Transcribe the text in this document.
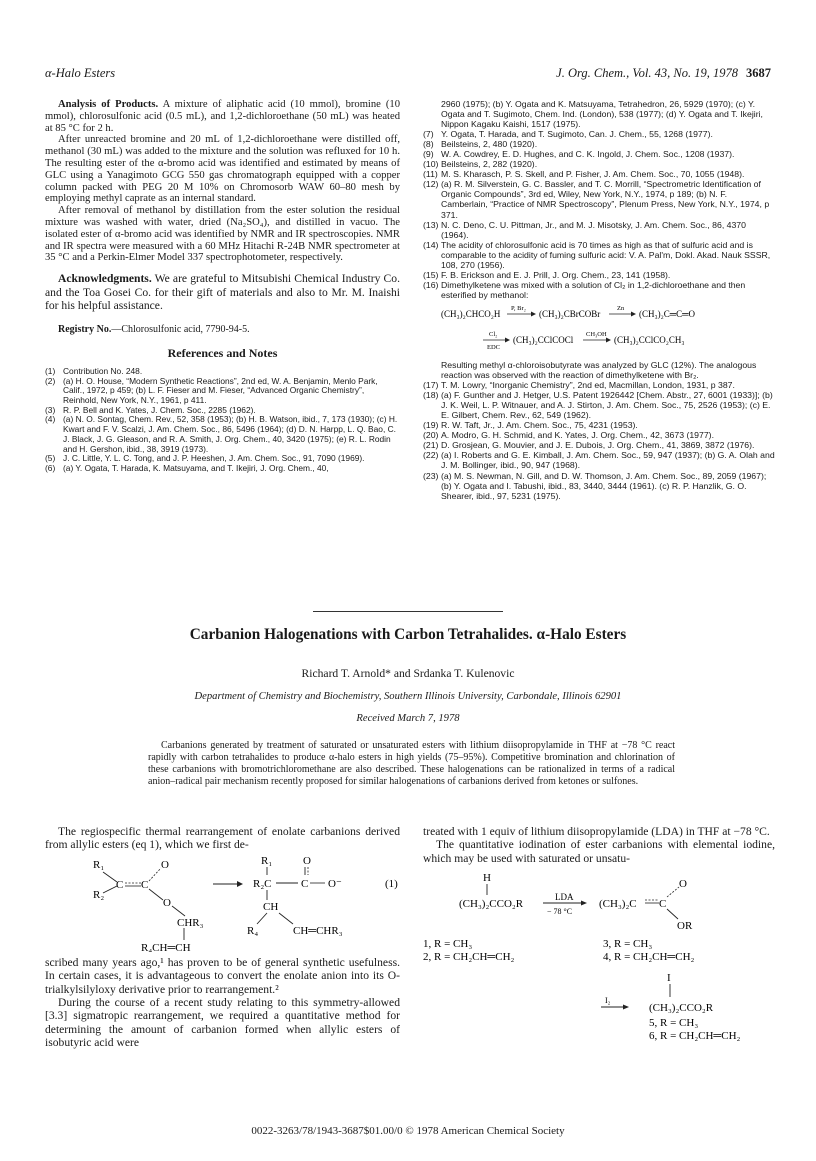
α-Halo Esters	J. Org. Chem., Vol. 43, No. 19, 1978 3687

Analysis of Products. A mixture of aliphatic acid (10 mmol), bromine (10 mmol), chlorosulfonic acid (0.5 mL), and 1,2-dichloroethane (50 mL) was heated at 85 °C for 2 h.

After unreacted bromine and 20 mL of 1,2-dichloroethane were distilled off, methanol (30 mL) was added to the mixture and the solution was refluxed for 10 h. The resulting ester of the α-bromo acid was identified and estimated by means of GLC using a Yanagimoto GCG 550 gas chromatograph equipped with a copper column packed with PEG 20 M 10% on Chromosorb WAW 60–80 mesh by employing methyl caprate as an internal standard.

After removal of methanol by distillation from the ester solution the residual mixture was washed with water, dried (Na₂SO₄), and distilled in vacuo. The isolated ester of α-bromo acid was identified by NMR and IR spectroscopies. NMR and IR spectra were measured with a 60 MHz Hitachi R-24B NMR spectrometer at 35 °C and a Perkin-Elmer Model 337 spectrophotometer, respectively.

Acknowledgments. We are grateful to Mitsubishi Chemical Industry Co. and the Toa Gosei Co. for their gift of materials and also to Mr. M. Inaishi for his helpful assistance.

Registry No.—Chlorosulfonic acid, 7790-94-5.

References and Notes
(1) Contribution No. 248.
(2) (a) H. O. House, “Modern Synthetic Reactions”, 2nd ed, W. A. Benjamin, Menlo Park, Calif., 1972, p 459; (b) L. F. Fieser and M. Fieser, “Advanced Organic Chemistry”, Reinhold, New York, N.Y., 1961, p 411.
(3) R. P. Bell and K. Yates, J. Chem. Soc., 2285 (1962).
(4) (a) N. O. Sontag, Chem. Rev., 52, 358 (1953); (b) H. B. Watson, ibid., 7, 173 (1930); (c) H. Kwart and F. V. Scalzi, J. Am. Chem. Soc., 86, 5496 (1964); (d) D. N. Harpp, L. Q. Bao, C. J. Black, J. G. Gleason, and R. A. Smith, J. Org. Chem., 40, 3420 (1975); (e) R. L. Rodin and H. Gershon, ibid., 38, 3919 (1973).
(5) J. C. Little, Y. L. C. Tong, and J. P. Heeshen, J. Am. Chem. Soc., 91, 7090 (1969).
(6) (a) Y. Ogata, T. Harada, K. Matsuyama, and T. Ikejiri, J. Org. Chem., 40,
2960 (1975); (b) Y. Ogata and K. Matsuyama, Tetrahedron, 26, 5929 (1970); (c) Y. Ogata and T. Sugimoto, Chem. Ind. (London), 538 (1977); (d) Y. Ogata and T. Ikejiri, Nippon Kagaku Kaishi, 1517 (1975).
(7) Y. Ogata, T. Harada, and T. Sugimoto, Can. J. Chem., 55, 1268 (1977).
(8) Beilsteins, 2, 480 (1920).
(9) W. A. Cowdrey, E. D. Hughes, and C. K. Ingold, J. Chem. Soc., 1208 (1937).
(10) Beilsteins, 2, 282 (1920).
(11) M. S. Kharasch, P. S. Skell, and P. Fisher, J. Am. Chem. Soc., 70, 1055 (1948).
(12) (a) R. M. Silverstein, G. C. Bassler, and T. C. Morrill, “Spectrometric Identification of Organic Compounds”, 3rd ed, Wiley, New York, N.Y., 1974, p 189; (b) N. F. Camberlain, “Practice of NMR Spectroscopy”, Plenum Press, New York, N.Y., 1974, p 371.
(13) N. C. Deno, C. U. Pittman, Jr., and M. J. Misotsky, J. Am. Chem. Soc., 86, 4370 (1964).
(14) The acidity of chlorosulfonic acid is 70 times as high as that of sulfuric acid and is comparable to the acidity of fuming sulfuric acid: V. A. Pal'm, Dokl. Akad. Nauk SSSR, 108, 270 (1956).
(15) F. B. Erickson and E. J. Prill, J. Org. Chem., 23, 141 (1958).
(16) Dimethylketene was mixed with a solution of Cl₂ in 1,2-dichloroethane and then esterified by methanol:
(CH₃)₂CHCO₂H
P, Br₂
(CH₃)₂CBrCOBr
Zn
(CH₃)₂C═C═O
Cl₂
EDC
(CH₃)₂CClCOCl
CH₃OH
(CH₃)₂CClCO₂CH₃
Resulting methyl α-chloroisobutyrate was analyzed by GLC (12%). The analogous reaction was observed with the reaction of dimethylketene with Br₂.
(17) T. M. Lowry, “Inorganic Chemistry”, 2nd ed, Macmillan, London, 1931, p 387.
(18) (a) F. Gunther and J. Hetger, U.S. Patent 1926442 [Chem. Abstr., 27, 6001 (1933)]; (b) J. K. Weil, L. P. Witnauer, and A. J. Stirton, J. Am. Chem. Soc., 75, 2526 (1953); (c) E. E. Gilbert, Chem. Rev., 62, 549 (1962).
(19) R. W. Taft, Jr., J. Am. Chem. Soc., 75, 4231 (1953).
(20) A. Modro, G. H. Schmid, and K. Yates, J. Org. Chem., 42, 3673 (1977).
(21) D. Grosjean, G. Mouvier, and J. E. Dubois, J. Org. Chem., 41, 3869, 3872 (1976).
(22) (a) I. Roberts and G. E. Kimball, J. Am. Chem. Soc., 59, 947 (1937); (b) G. A. Olah and J. M. Bollinger, ibid., 90, 947 (1968).
(23) (a) M. S. Newman, N. Gill, and D. W. Thomson, J. Am. Chem. Soc., 89, 2059 (1967); (b) Y. Ogata and I. Tabushi, ibid., 83, 3440, 3444 (1961). (c) R. P. Hanzlik, G. O. Shearer, ibid., 97, 5231 (1975).
Carbanion Halogenations with Carbon Tetrahalides. α-Halo Esters
Richard T. Arnold* and Srdanka T. Kulenovic
Department of Chemistry and Biochemistry, Southern Illinois University, Carbondale, Illinois 62901
Received March 7, 1978

Carbanions generated by treatment of saturated or unsaturated esters with lithium diisopropylamide in THF at −78 °C react rapidly with carbon tetrahalides to produce α-halo esters in high yields (75–95%). Competitive bromination and chlorination of these carbanions with bromotrichloromethane are also described. These halogenations can be rationalized in terms of a radical anion–radical pair mechanism recently proposed for similar halogenations of carbanions derived from ketones or sulfones.

The regiospecific thermal rearrangement of enolate carbanions derived from allylic esters (eq 1), which we first de-

R₁
R₂
C C
O
O
CHR₃
R₄CH═CH
R₁	O
R₂C	C O⁻	(1)
CH
R₄	CH═CHR₃

scribed many years ago,¹ has proven to be of general synthetic usefulness. In certain cases, it is advantageous to convert the enolate anion into its O-trialkylsilyloxy derivative prior to rearrangement.²

During the course of a recent study relating to this symmetry-allowed [3.3] sigmatropic rearrangement, we required a quantitative method for determining the amount of carbanion formed when allylic esters of isobutyric acid were

treated with 1 equiv of lithium diisopropylamide (LDA) in THF at −78 °C.

The quantitative iodination of ester carbanions with elemental iodine, which may be used with saturated or unsatu-

H
(CH₃)₂CCO₂R
LDA
− 78 °C
(CH₃)₂C C
O
OR
1, R = CH₃
2, R = CH₂CH═CH₂
3, R = CH₃
4, R = CH₂CH═CH₂
I
I₂
(CH₃)₂CCO₂R
5, R = CH₃
6, R = CH₂CH═CH₂
0022-3263/78/1943-3687$01.00/0 © 1978 American Chemical Society
